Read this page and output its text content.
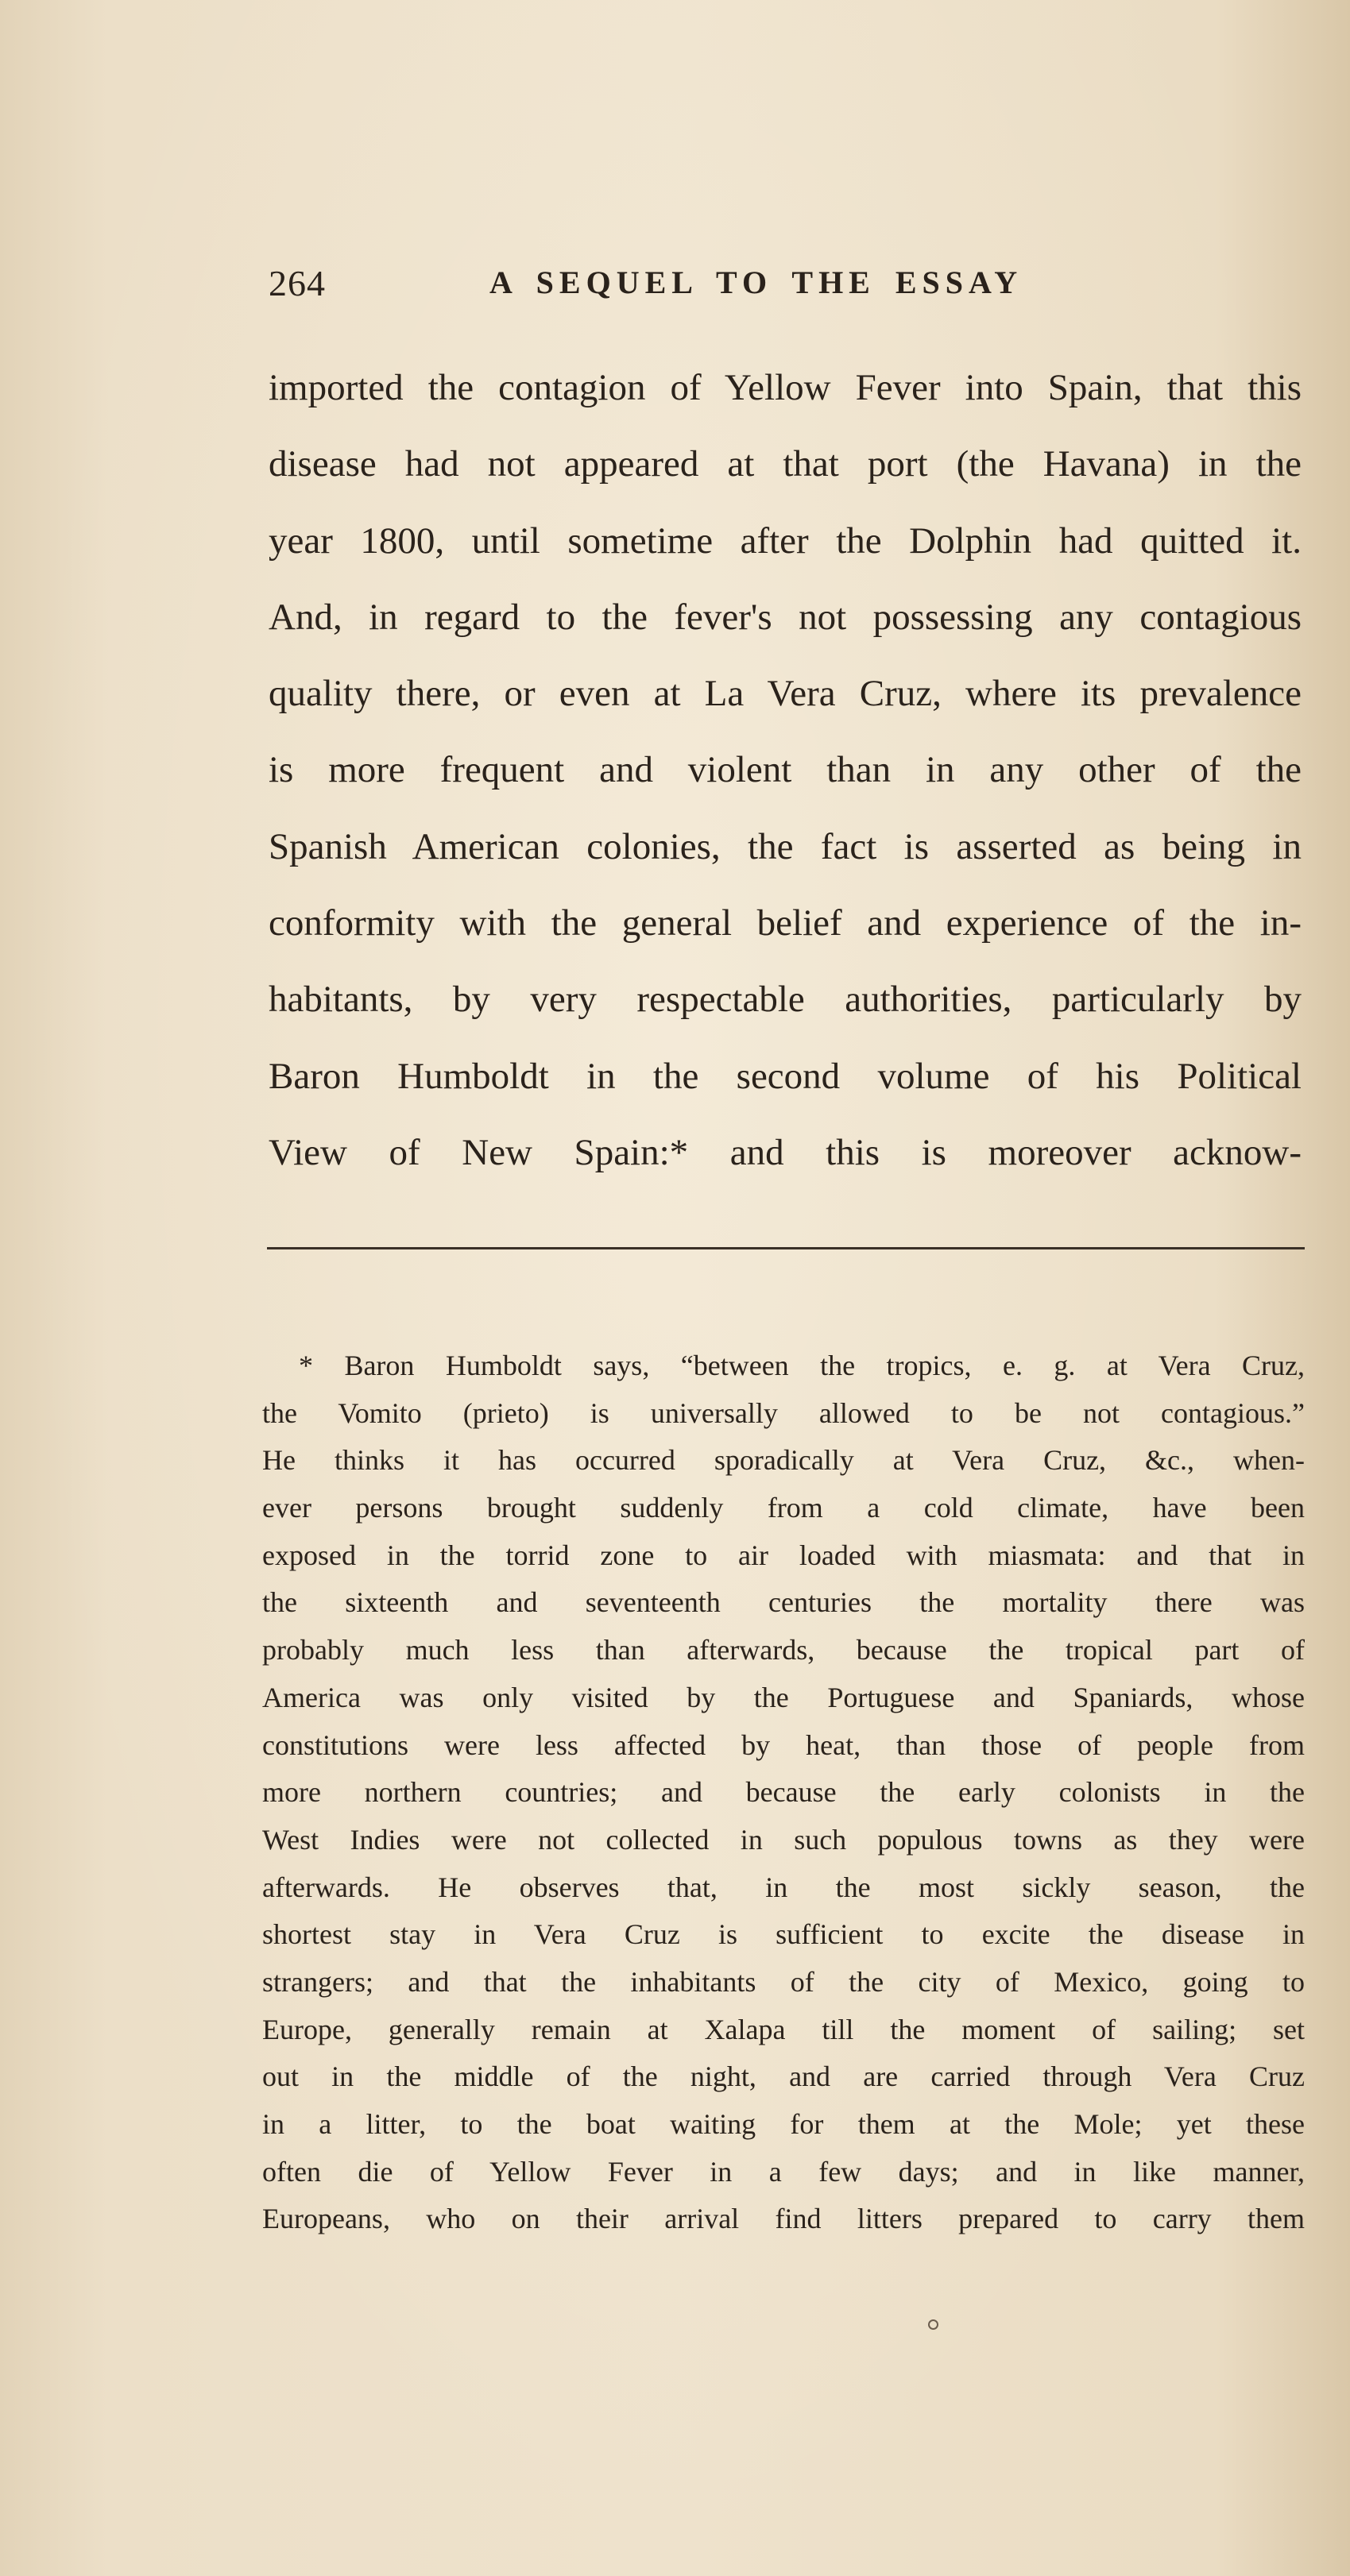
264	A SEQUEL TO THE ESSAY
imported the contagion of Yellow Fever into Spain, that this
disease had not appeared at that port (the Havana) in the
year 1800, until sometime after the Dolphin had quitted it.
And, in regard to the fever's not possessing any contagious
quality there, or even at La Vera Cruz, where its prevalence
is more frequent and violent than in any other of the
Spanish American colonies, the fact is asserted as being in
conformity with the general belief and experience of the in-
habitants, by very respectable authorities, particularly by
Baron Humboldt in the second volume of his Political
View of New Spain:* and this is moreover acknow-
* Baron Humboldt says, “between the tropics, e. g. at Vera Cruz,
the Vomito (prieto) is universally allowed to be not contagious.”
He thinks it has occurred sporadically at Vera Cruz, &c., when-
ever persons brought suddenly from a cold climate, have been
exposed in the torrid zone to air loaded with miasmata: and that in
the sixteenth and seventeenth centuries the mortality there was
probably much less than afterwards, because the tropical part of
America was only visited by the Portuguese and Spaniards, whose
constitutions were less affected by heat, than those of people from
more northern countries; and because the early colonists in the
West Indies were not collected in such populous towns as they were
afterwards. He observes that, in the most sickly season, the
shortest stay in Vera Cruz is sufficient to excite the disease in
strangers; and that the inhabitants of the city of Mexico, going to
Europe, generally remain at Xalapa till the moment of sailing; set
out in the middle of the night, and are carried through Vera Cruz
in a litter, to the boat waiting for them at the Mole; yet these
often die of Yellow Fever in a few days; and in like manner,
Europeans, who on their arrival find litters prepared to carry them
